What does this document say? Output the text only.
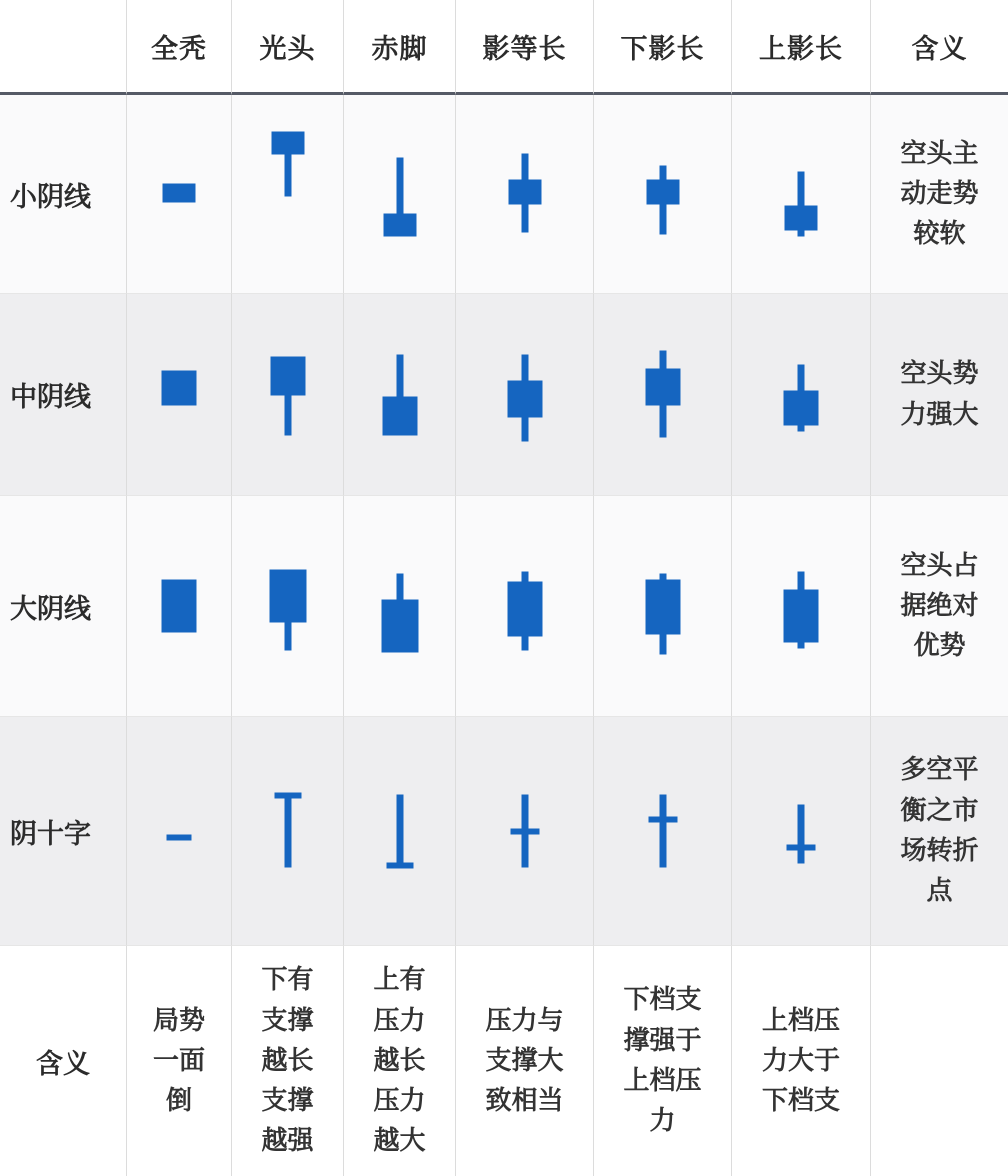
全秃 光头 赤脚 影等长 下影长 上影长	含义
小阴线
空头主
动走势
较软
中阴线
空头势
力强大
大阴线
空头占
据绝对
优势
阴十字
多空平
衡之市
场转折
点
含义
局势
一面
倒
下有
支撑
越长
支撑
越强
上有
压力
越长
压力
越大
压力与
支撑大
致相当
下档支
撑强于
上档压
力
上档压
力大于
下档支
